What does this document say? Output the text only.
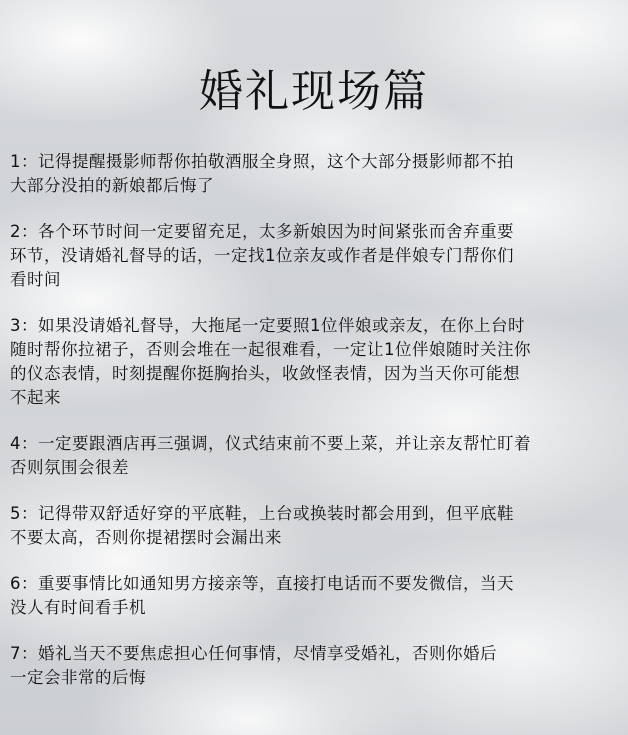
婚礼现场篇

1：记得提醒摄影师帮你拍敬酒服全身照，这个大部分摄影师都不拍
大部分没拍的新娘都后悔了

2：各个环节时间一定要留充足，太多新娘因为时间紧张而舍弃重要
环节，没请婚礼督导的话，一定找1位亲友或作者是伴娘专门帮你们
看时间

3：如果没请婚礼督导，大拖尾一定要照1位伴娘或亲友，在你上台时
随时帮你拉裙子，否则会堆在一起很难看，一定让1位伴娘随时关注你
的仪态表情，时刻提醒你挺胸抬头，收敛怪表情，因为当天你可能想
不起来

4：一定要跟酒店再三强调，仪式结束前不要上菜，并让亲友帮忙盯着
否则氛围会很差

5：记得带双舒适好穿的平底鞋，上台或换装时都会用到，但平底鞋
不要太高，否则你提裙摆时会漏出来

6：重要事情比如通知男方接亲等，直接打电话而不要发微信，当天
没人有时间看手机

7：婚礼当天不要焦虑担心任何事情，尽情享受婚礼，否则你婚后
一定会非常的后悔
